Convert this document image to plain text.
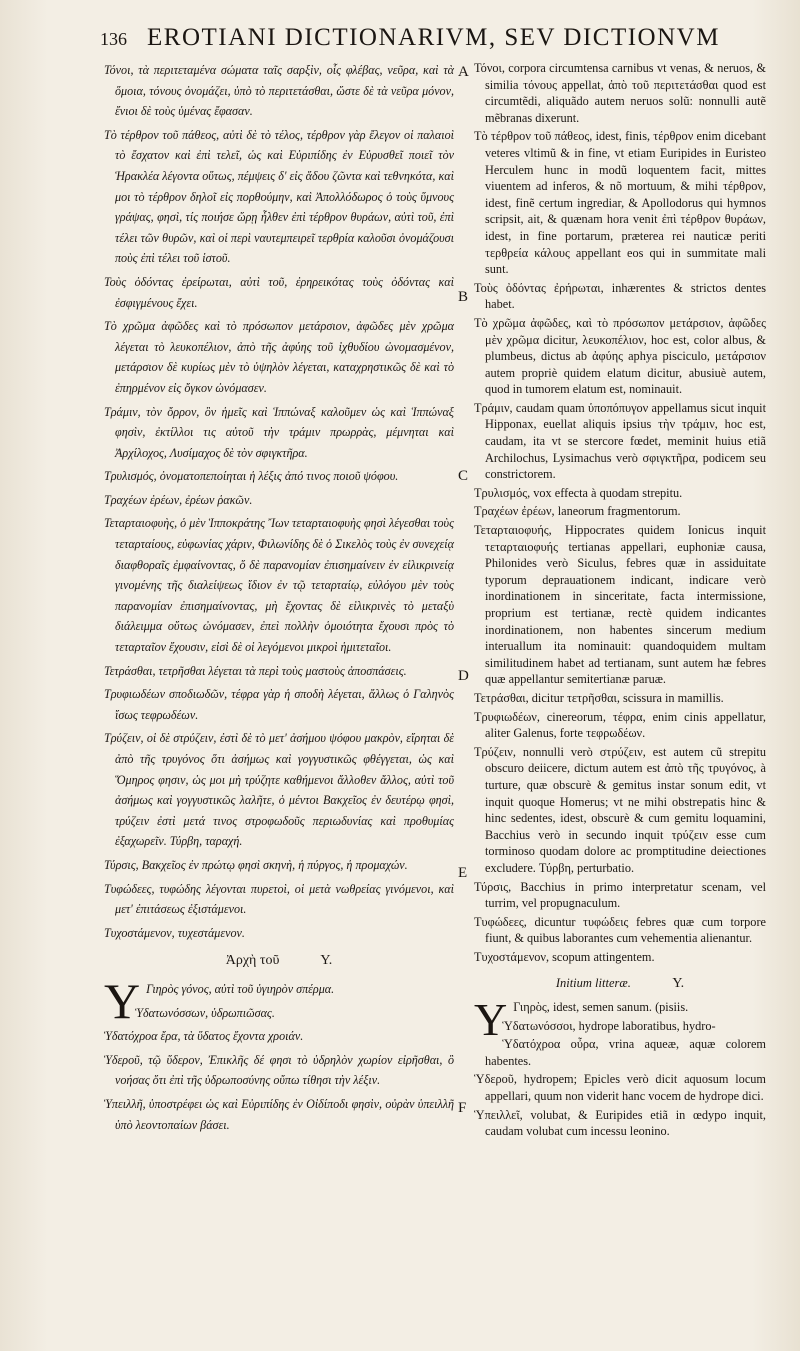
136 EROTIANI DICTIONARIVM, SEV DICTIONVM

Τόνοι, τὰ περιτεταμένα σώματα ταῖς σαρξὶν, οἷς φλέβας, νεῦρα, καὶ τὰ ὅμοια, τόνους ὀνομάζει, ὑπὸ τὸ περιτετάσθαι, ὥστε δὲ τὰ νεῦρα μόνον, ἔνιοι δὲ τοὺς ὑμένας ἔφασαν.

Τὸ τέρθρον τοῦ πάθεος, αὐτὶ δὲ τὸ τέλος, τέρθρον γὰρ ἔλεγον οἱ παλαιοὶ τὸ ἔσχατον καὶ ἐπὶ τελεῖ, ὡς καὶ Εὐριπίδης ἐν Εὐρυσθεῖ ποιεῖ τὸν Ἡρακλέα λέγοντα οὕτως, πέμψεις δ' εἰς ἅδου ζῶντα καὶ τεθνηκότα, καὶ μοι τὸ τέρθρον δηλοῖ εἰς πορθούμην, καὶ Ἀπολλόδωρος ὁ τοὺς ὕμνους γράψας, φησὶ, τίς ποιήσε ὥρῃ ἦλθεν ἐπὶ τέρθρον θυράων, αὐτὶ τοῦ, ἐπὶ τέλει τῶν θυρῶν, καὶ οἱ περὶ ναυτεμπειρεῖ τερθρία καλοῦσι ὀνομάζουσι ποὺς ἐπὶ τέλει τοῦ ἱστοῦ.

Τοὺς ὀδόντας ἐρείρωται, αὐτὶ τοῦ, ἐρηρεικότας τοὺς ὀδόντας καὶ ἐσφιγμένους ἔχει.

Τὸ χρῶμα ἀφῶδες καὶ τὸ πρόσωπον μετάρσιον, ἀφῶδες μὲν χρῶμα λέγεται τὸ λευκοπέλιον, ἀπὸ τῆς ἀφύης τοῦ ἰχθυδίου ὠνομασμένον, μετάρσιον δὲ κυρίως μὲν τὸ ὑψηλὸν λέγεται, καταχρηστικῶς δὲ καὶ τὸ ἐπηρμένον εἰς ὄγκον ὠνόμασεν.

Τράμιν, τὸν ὄρρον, ὃν ἡμεῖς καὶ Ἱππώναξ καλοῦμεν ὡς καὶ Ἱππώναξ φησὶν, ἐκτίλλοι τις αὐτοῦ τὴν τράμιν πρωρρὰς, μέμνηται καὶ Ἀρχίλοχος, Λυσίμαχος δὲ τὸν σφιγκτῆρα.

Τρυλισμός, ὀνοματοπεποίηται ἡ λέξις ἀπό τινος ποιοῦ ψόφου.

Τραχέων ἐρέων, ἐρέων ῥακῶν.

Τεταρταιοφυὴς, ὁ μὲν Ἱπποκράτης Ἴων τεταρταιοφυὴς φησὶ λέγεσθαι τοὺς τεταρταίους, εὐφωνίας χάριν, Φιλωνίδης δὲ ὁ Σικελὸς τοὺς ἐν συνεχείᾳ διαφθοραῖς ἐμφαίνοντας, ὅ δὲ παρανομίαν ἐπισημαίνειν ἐν εἰλικρινείᾳ γινομένης τῆς διαλείψεως ἴδιον ἐν τῷ τεταρταίῳ, εὐλόγου μὲν τοὺς παρανομίαν ἐπισημαίνοντας, μὴ ἔχοντας δὲ εἰλικρινὲς τὸ μεταξὺ διάλειμμα οὕτως ὠνόμασεν, ἐπεὶ πολλὴν ὁμοιότητα ἔχουσι πρὸς τὸ τεταρταῖον ἔχουσιν, εἰσὶ δὲ οἱ λεγόμενοι μικροὶ ἡμιτεταῖοι.

Τετράσθαι, τετρῆσθαι λέγεται τὰ περὶ τοὺς μαστοὺς ἀποσπάσεις.

Τρυφιωδέων σποδιωδῶν, τέφρα γὰρ ἡ σποδὴ λέγεται, ἄλλως ὁ Γαληνὸς ἴσως τεφρωδέων.

Τρύζειν, οἱ δὲ στρύζειν, ἐστὶ δὲ τὸ μετ' ἀσήμου ψόφου μακρὸν, εἴρηται δὲ ἀπὸ τῆς τρυγόνος ὅτι ἀσήμως καὶ γογγυστικῶς φθέγγεται, ὡς καὶ Ὅμηρος φησιν, ὡς μοι μὴ τρύζητε καθήμενοι ἄλλοθεν ἄλλος, αὐτὶ τοῦ ἀσήμως καὶ γογγυστικῶς λαλῆτε, ὁ μέντοι Βακχεῖος ἐν δευτέρῳ φησὶ, τρύζειν ἐστὶ μετά τινος στροφωδοῦς περιωδυνίας καὶ προθυμίας ἐξαχωρεῖν. Τύρβη, ταραχή.

Τύρσις, Βακχεῖος ἐν πρώτῳ φησὶ σκηνὴ, ἡ πύργος, ἡ προμαχών.

Τυφώδεες, τυφώδης λέγονται πυρετοὶ, οἱ μετὰ νωθρείας γινόμενοι, καὶ μετ' ἐπιτάσεως ἐξιστάμενοι.

Τυχοστάμενον, τυχεστάμενον.

Ἀρχὴ τοῦ	Υ.

Υ Γιηρὸς γόνος, αὐτὶ τοῦ ὑγιηρὸν σπέρμα.

Ὑδατωνόσσων, ὑδρωπιῶσας.

Ὑδατόχροα ἔρα, τὰ ὕδατος ἔχοντα χροιάν.

Ὑδεροῦ, τῷ ὕδερον, Ἐπικλῆς δέ φησι τὸ ὑδρηλὸν χωρίον εἰρῆσθαι, ὃ νοήσας ὅτι ἐπὶ τῆς ὑδρωποσύνης οὔπω τίθησι τὴν λέξιν.

Ὑπειλλῆ, ὑποστρέφει ὡς καὶ Εὐριπίδης ἐν Οἰδίποδι φησὶν, οὐρὰν ὑπειλλῆ ὑπὸ λεοντοπαίων βάσει.

A
B
C
D
E
F

Τόνοι, corpora circumtensa carnibus vt venas, & neruos, & similia τόνους appellat, ἀπὸ τοῦ περιτετάσθαι quod est circumtẽdi, aliquãdo autem neruos solũ: nonnulli autẽ mẽbranas dixerunt.

Τὸ τέρθρον τοῦ πάθεος, idest, finis, τέρθρον enim dicebant veteres vltimũ & in fine, vt etiam Euripides in Euristeo Herculem hunc in modũ loquentem facit, mittes viuentem ad inferos, & nõ mortuum, & mihi τέρθρον, idest, finẽ certum ingrediar, & Apollodorus qui hymnos scripsit, ait, & quænam hora venit ἐπὶ τέρθρον θυράων, idest, in fine portarum, præterea rei nauticæ periti τερθρεία κάλους appellant eos qui in summitate mali sunt.

Τοὺς ὀδόντας ἐρήρωται, inhærentes & strictos dentes habet.

Τὸ χρῶμα ἀφῶδες, καὶ τὸ πρόσωπον μετάρσιον, ἀφῶδες μὲν χρῶμα dicitur, λευκοπέλιον, hoc est, color albus, & plumbeus, dictus ab ἀφύης aphya pisciculo, μετάρσιον autem propriè quidem elatum dicitur, abusiuè autem, quod in tumorem elatum est, nominauit.

Τράμιν, caudam quam ὑποπόπυγον appellamus sicut inquit Hipponax, euellat aliquis ipsius τὴν τράμιν, hoc est, caudam, ita vt se stercore fœdet, meminit huius etiã Archilochus, Lysimachus verò σφιγκτῆρα, podicem seu constrictorem.

Τρυλισμός, vox effecta à quodam strepitu.

Τραχέων ἐρέων, laneorum fragmentorum.

Τεταρταιοφυής, Hippocrates quidem Ionicus inquit τεταρταιοφυής tertianas appellari, euphoniæ causa, Philonides verò Siculus, febres quæ in assiduitate typorum deprauationem indicant, indicare verò inordinationem in sinceritate, facta intermissione, proprium est tertianæ, rectè quidem indicantes inordinationem, non habentes sincerum medium interuallum ita nominauit: quandoquidem multam similitudinem habet ad tertianam, sunt autem hæ febres quæ appellantur semitertianæ paruæ.

Τετράσθαι, dicitur τετρῆσθαι, scissura in mamillis.

Τρυφιωδέων, cinereorum, τέφρα, enim cinis appellatur, aliter Galenus, forte τεφρωδέων.

Τρύζειν, nonnulli verò στρύζειν, est autem cũ strepitu obscuro deiicere, dictum autem est ἀπὸ τῆς τρυγόνος, à turture, quæ obscurè & gemitus instar sonum edit, vt inquit quoque Homerus; vt ne mihi obstrepatis hinc & hinc sedentes, idest, obscurè & cum gemitu loquamini, Bacchius verò in secundo inquit τρύζειν esse cum torminoso quodam dolore ac promptitudine deiectiones excludere. Τύρβη, perturbatio.

Τύρσις, Bacchius in primo interpretatur scenam, vel turrim, vel propugnaculum.

Τυφώδεες, dicuntur τυφώδεις febres quæ cum torpore fiunt, & quibus laborantes cum vehementia alienantur.

Τυχοστάμενον, scopum attingentem.

Initium litteræ.	Υ.

Υ Γιηρὸς, idest, semen sanum. (pisiis.

Ὑδατωνόσσοι, hydrope laboratibus, hydro-

Ὑδατόχροα οὖρα, vrina aqueæ, aquæ colorem habentes.

Ὑδεροῦ, hydropem; Epicles verò dicit aquosum locum appellari, quum non viderit hanc vocem de hydrope dici.

Ὑπειλλεῖ, volubat, & Euripides etiã in œdypo inquit, caudam volubat cum incessu leonino.
